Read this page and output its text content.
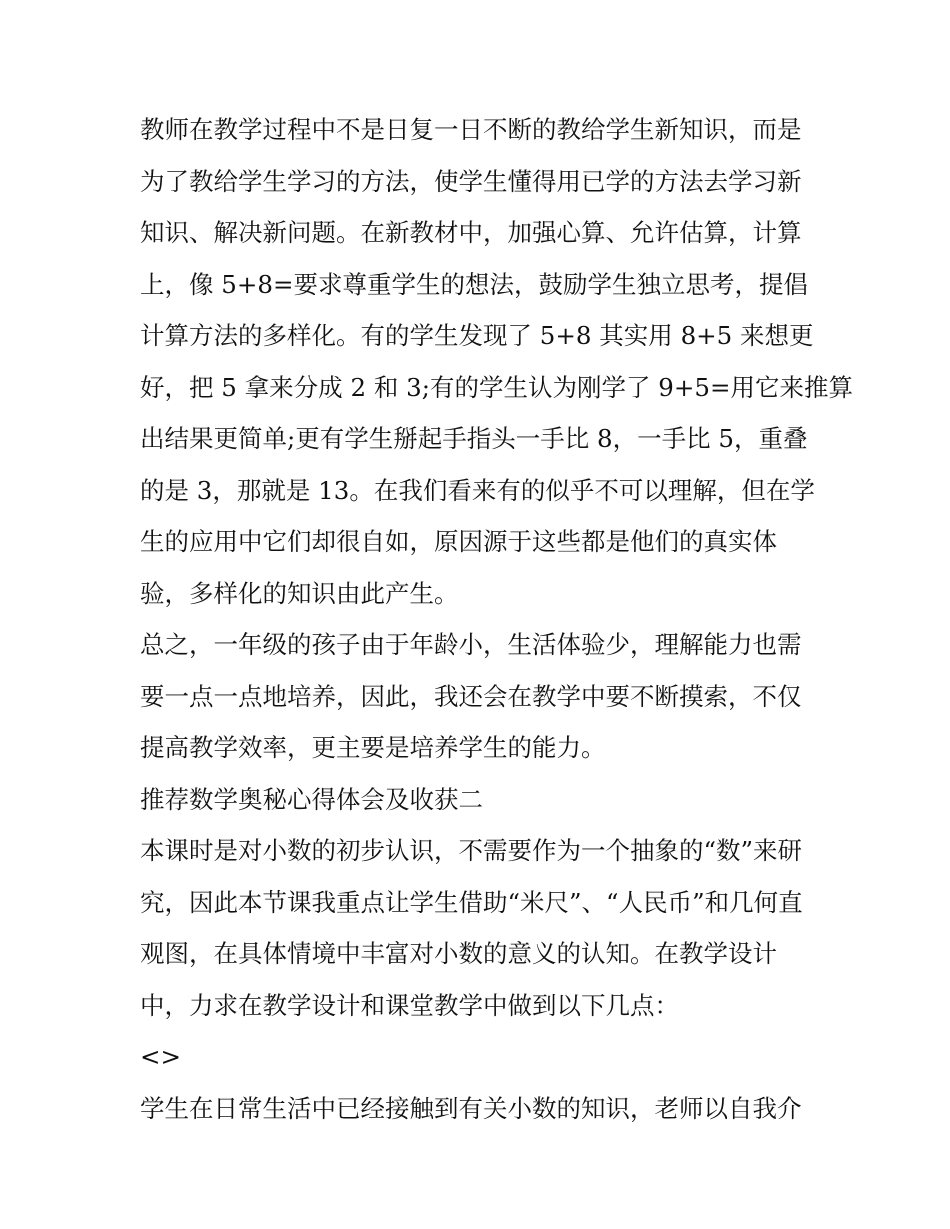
教师在教学过程中不是日复一日不断的教给学生新知识，而是
为了教给学生学习的方法，使学生懂得用已学的方法去学习新
知识、解决新问题。在新教材中，加强心算、允许估算，计算
上，像 5+8=要求尊重学生的想法，鼓励学生独立思考，提倡
计算方法的多样化。有的学生发现了 5+8 其实用 8+5 来想更
好，把 5 拿来分成 2 和 3;有的学生认为刚学了 9+5=用它来推算
出结果更简单;更有学生掰起手指头一手比 8，一手比 5，重叠
的是 3，那就是 13。在我们看来有的似乎不可以理解，但在学
生的应用中它们却很自如，原因源于这些都是他们的真实体
验，多样化的知识由此产生。

总之，一年级的孩子由于年龄小，生活体验少，理解能力也需
要一点一点地培养，因此，我还会在教学中要不断摸索，不仅
提高教学效率，更主要是培养学生的能力。

推荐数学奥秘心得体会及收获二

本课时是对小数的初步认识，不需要作为一个抽象的“数”来研
究，因此本节课我重点让学生借助“米尺”、“人民币”和几何直
观图，在具体情境中丰富对小数的意义的认知。在教学设计
中，力求在教学设计和课堂教学中做到以下几点：

<>

学生在日常生活中已经接触到有关小数的知识，老师以自我介
